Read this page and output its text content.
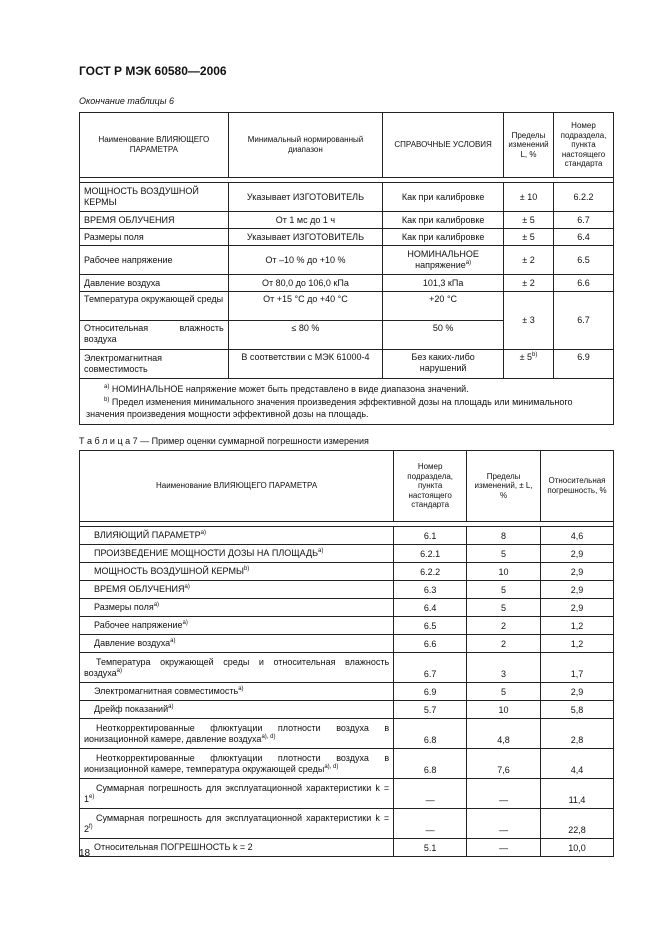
ГОСТ Р МЭК 60580—2006
Окончание таблицы 6
Наименование ВЛИЯЮЩЕГО ПАРАМЕТРА	Минимальный нормированный диапазон	СПРАВОЧНЫЕ УСЛОВИЯ	Пределы изменений L, %	Номер подраздела, пункта настоящего стандарта

МОЩНОСТЬ ВОЗДУШНОЙ КЕРМЫ	Указывает ИЗГОТОВИТЕЛЬ	Как при калибровке	± 10	6.2.2
ВРЕМЯ ОБЛУЧЕНИЯ	От 1 мс до 1 ч	Как при калибровке	± 5	6.7
Размеры поля	Указывает ИЗГОТОВИТЕЛЬ	Как при калибровке	± 5	6.4
Рабочее напряжение	От –10 % до +10 %	НОМИНАЛЬНОЕ напряжение$^{a)}$	± 2	6.5
Давление воздуха	От 80,0 до 106,0 кПа	101,3 кПа	± 2	6.6
Температура окружающей среды	От +15 °С до +40 °С	+20 °С	± 3	6.7
Относительная влажность воздуха	≤ 80 %	50 %		
Электромагнитная совместимость	В соответствии с МЭК 61000-4	Без каких-либо нарушений	± $5^{b)}$	6.9

$^{a)}$ НОМИНАЛЬНОЕ напряжение может быть представлено в виде диапазона значений.
$^{b)}$ Предел изменения минимального значения произведения эффективной дозы на площадь или минимального значения произведения мощности эффективной дозы на площадь.				
Т а б л и ц а 7 — Пример оценки суммарной погрешности измерения
Наименование ВЛИЯЮЩЕГО ПАРАМЕТРА	Номер подраздела, пункта настоящего стандарта	Пределы изменений, ± L, %	Относительная погрешность, %

ВЛИЯЮЩИЙ ПАРАМЕТР$^{a)}$	6.1	8	4,6
ПРОИЗВЕДЕНИЕ МОЩНОСТИ ДОЗЫ НА ПЛОЩАДЬ$^{a)}$	6.2.1	5	2,9
МОЩНОСТЬ ВОЗДУШНОЙ КЕРМЫ$^{b)}$	6.2.2	10	2,9
ВРЕМЯ ОБЛУЧЕНИЯ$^{a)}$	6.3	5	2,9
Размеры поля$^{a)}$	6.4	5	2,9
Рабочее напряжение$^{a)}$	6.5	2	1,2
Давление воздуха$^{a)}$	6.6	2	1,2
Температура окружающей среды и относительная влажность воздуха$^{a)}$	6.7	3	1,7
Электромагнитная совместимость$^{a)}$	6.9	5	2,9
Дрейф показаний$^{a)}$	5.7	10	5,8
Неоткорректированные флюктуации плотности воздуха в ионизационной камере, давление воздуха$^{a), d)}$	6.8	4,8	2,8
Неоткорректированные флюктуации плотности воздуха в ионизационной камере, температура окружающей среды$^{a), d)}$	6.8	7,6	4,4
Суммарная погрешность для эксплуатационной характеристики $k = 1^{e)}$	—	—	11,4
Суммарная погрешность для эксплуатационной характеристики $k = 2^{f)}$	—	—	22,8
Относительная ПОГРЕШНОСТЬ k = 2	5.1	—	10,0
18
